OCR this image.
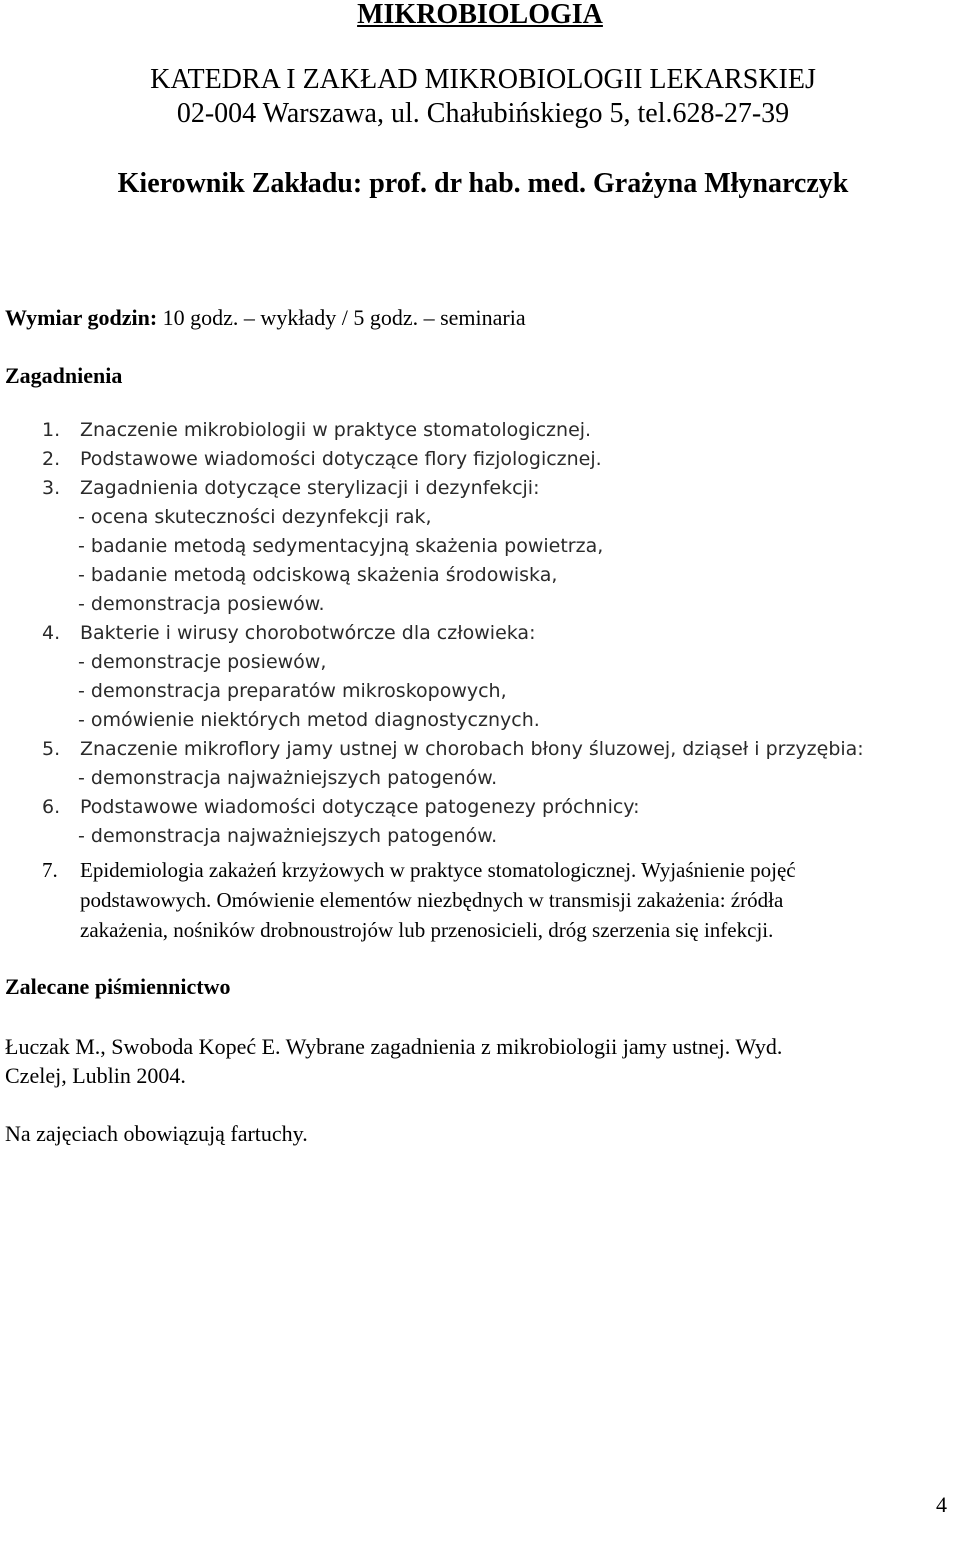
MIKROBIOLOGIA
KATEDRA I ZAKŁAD MIKROBIOLOGII LEKARSKIEJ
02-004 Warszawa, ul. Chałubińskiego 5, tel.628-27-39
Kierownik Zakładu: prof. dr hab. med. Grażyna Młynarczyk
Wymiar godzin: 10 godz. – wykłady / 5 godz. – seminaria
Zagadnienia
1. Znaczenie mikrobiologii w praktyce stomatologicznej.
2. Podstawowe wiadomości dotyczące flory fizjologicznej.
3. Zagadnienia dotyczące sterylizacji i dezynfekcji:
- ocena skuteczności dezynfekcji rak,
- badanie metodą sedymentacyjną skażenia powietrza,
- badanie metodą odciskową skażenia środowiska,
- demonstracja posiewów.
4. Bakterie i wirusy chorobotwórcze dla człowieka:
- demonstracje posiewów,
- demonstracja preparatów mikroskopowych,
- omówienie niektórych metod diagnostycznych.
5. Znaczenie mikroflory jamy ustnej w chorobach błony śluzowej, dziąseł i przyzębia:
- demonstracja najważniejszych patogenów.
6. Podstawowe wiadomości dotyczące patogenezy próchnicy:
- demonstracja najważniejszych patogenów.
7. Epidemiologia zakażeń krzyżowych w praktyce stomatologicznej. Wyjaśnienie pojęć
podstawowych. Omówienie elementów niezbędnych w transmisji zakażenia: źródła
zakażenia, nośników drobnoustrojów lub przenosicieli, dróg szerzenia się infekcji.
Zalecane piśmiennictwo
Łuczak M., Swoboda Kopeć E. Wybrane zagadnienia z mikrobiologii jamy ustnej. Wyd.
Czelej, Lublin 2004.
Na zajęciach obowiązują fartuchy.
4
